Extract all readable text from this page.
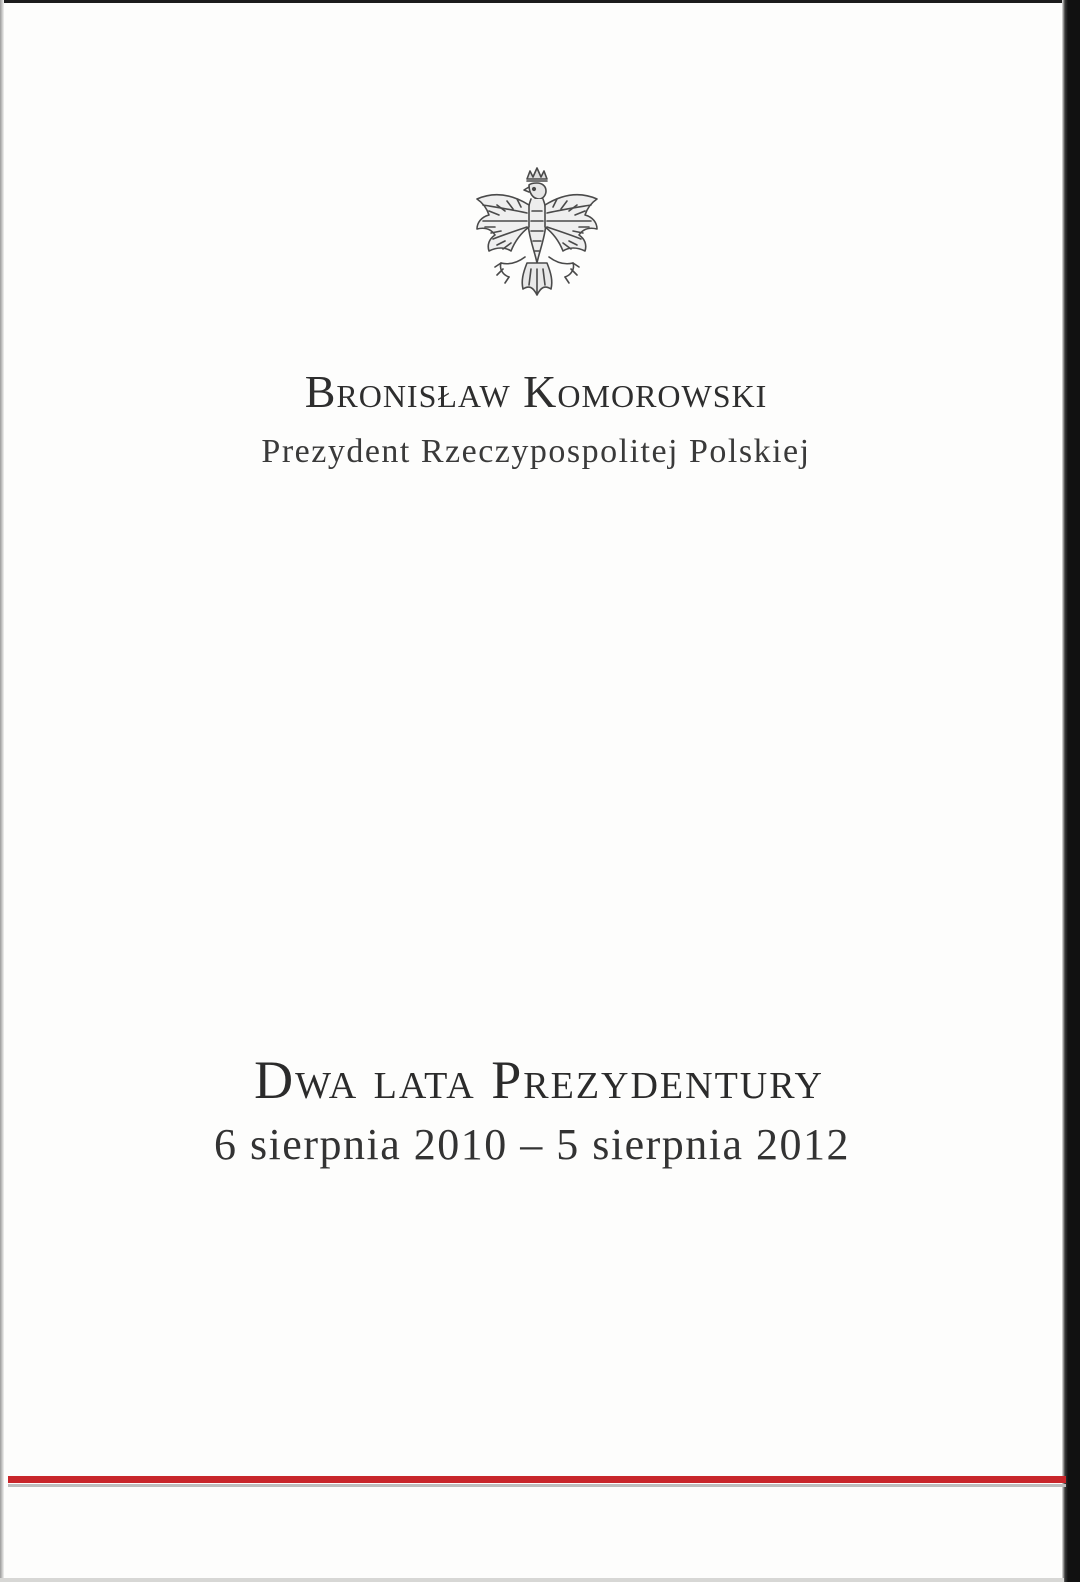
Bronisław Komorowski
Prezydent Rzeczypospolitej Polskiej
Dwa lata Prezydentury
6 sierpnia 2010 – 5 sierpnia 2012
